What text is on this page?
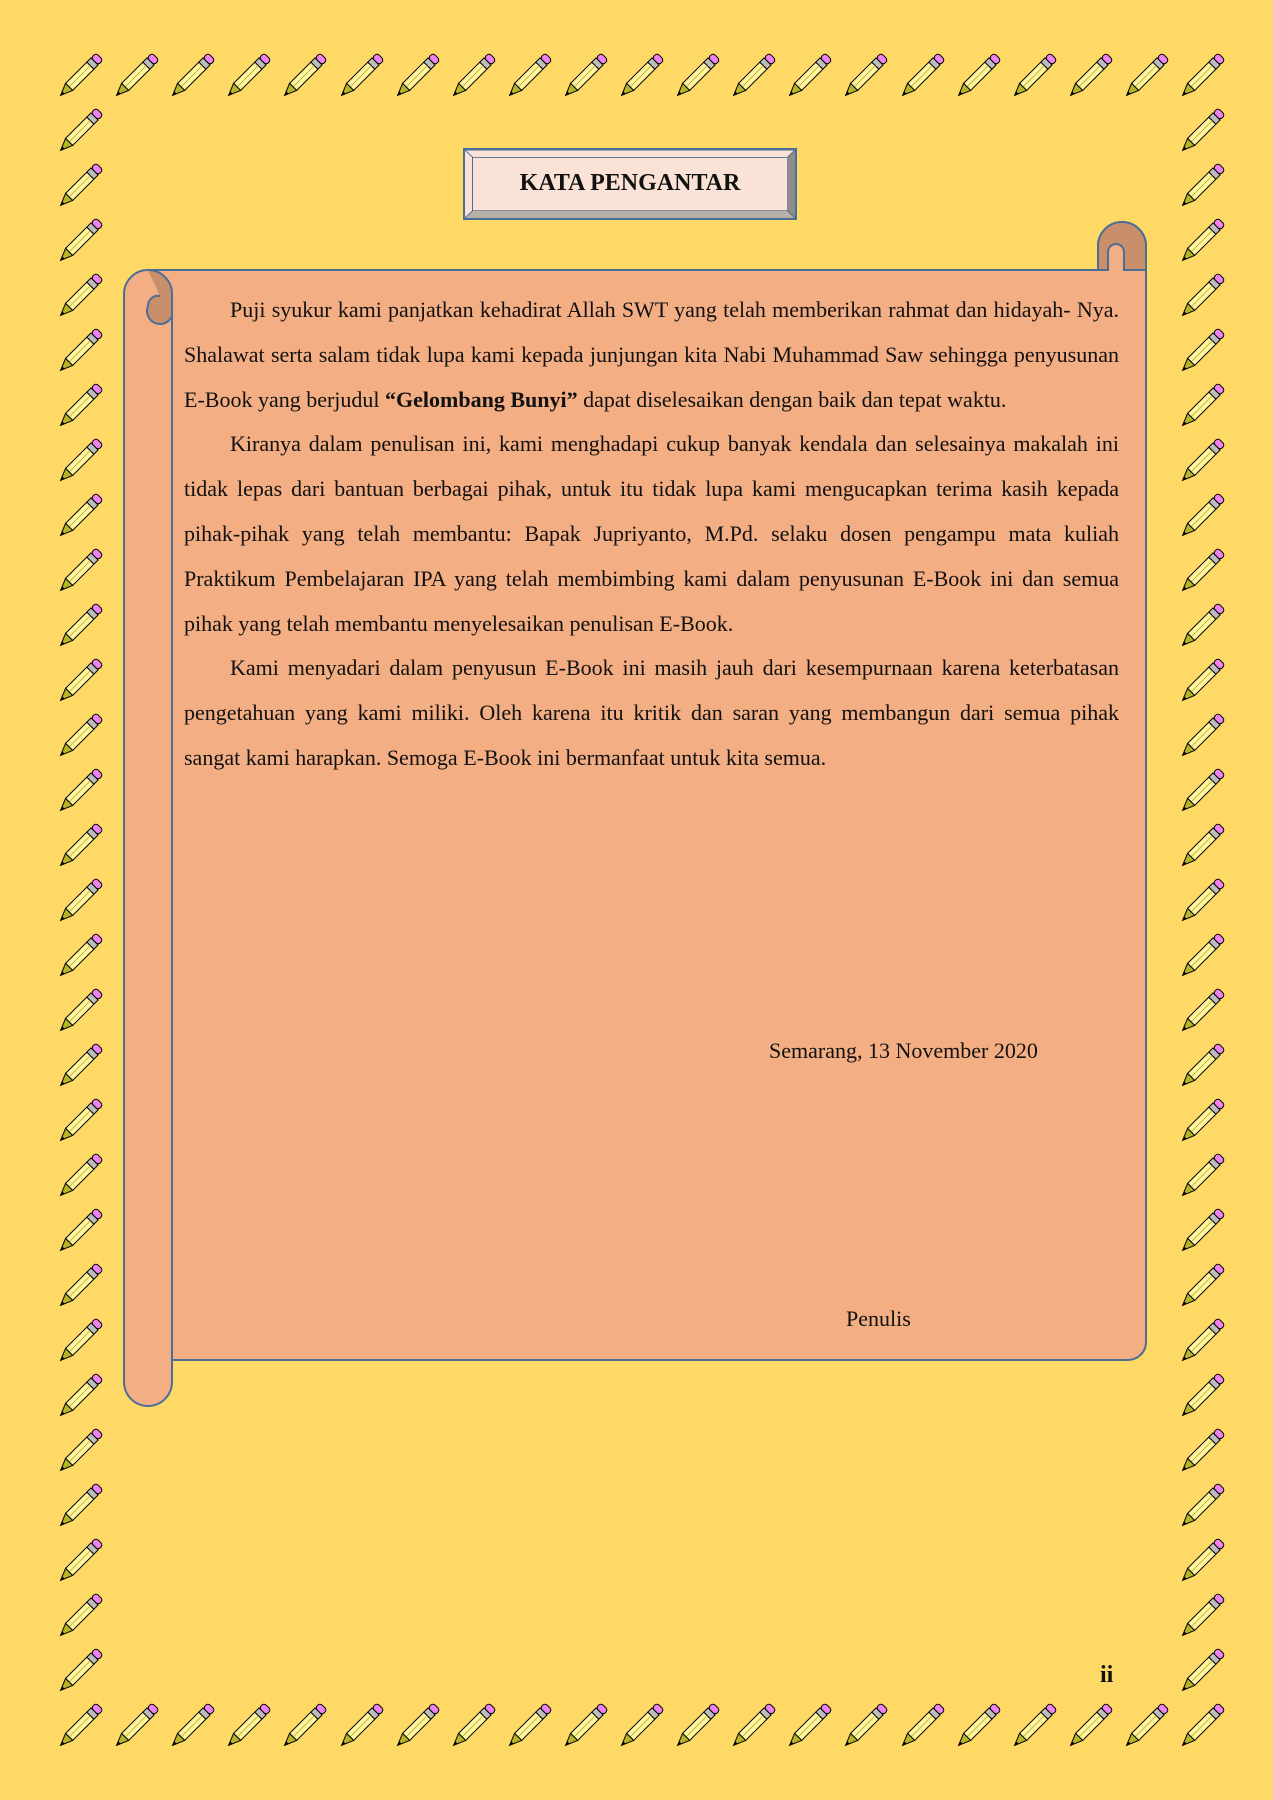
KATA PENGANTAR

Puji syukur kami panjatkan kehadirat Allah SWT yang telah memberikan rahmat dan hidayah- Nya. Shalawat serta salam tidak lupa kami kepada junjungan kita Nabi Muhammad Saw sehingga penyusunan E-Book yang berjudul “Gelombang Bunyi” dapat diselesaikan dengan baik dan tepat waktu.

Kiranya dalam penulisan ini, kami menghadapi cukup banyak kendala dan selesainya makalah ini tidak lepas dari bantuan berbagai pihak, untuk itu tidak lupa kami mengucapkan terima kasih kepada pihak-pihak yang telah membantu: Bapak Jupriyanto, M.Pd. selaku dosen pengampu mata kuliah Praktikum Pembelajaran IPA yang telah membimbing kami dalam penyusunan E-Book ini dan semua pihak yang telah membantu menyelesaikan penulisan E-Book.

Kami menyadari dalam penyusun E-Book ini masih jauh dari kesempurnaan karena keterbatasan pengetahuan yang kami miliki. Oleh karena itu kritik dan saran yang membangun dari semua pihak sangat kami harapkan. Semoga E-Book ini bermanfaat untuk kita semua.

Semarang, 13 November 2020
Penulis
ii
